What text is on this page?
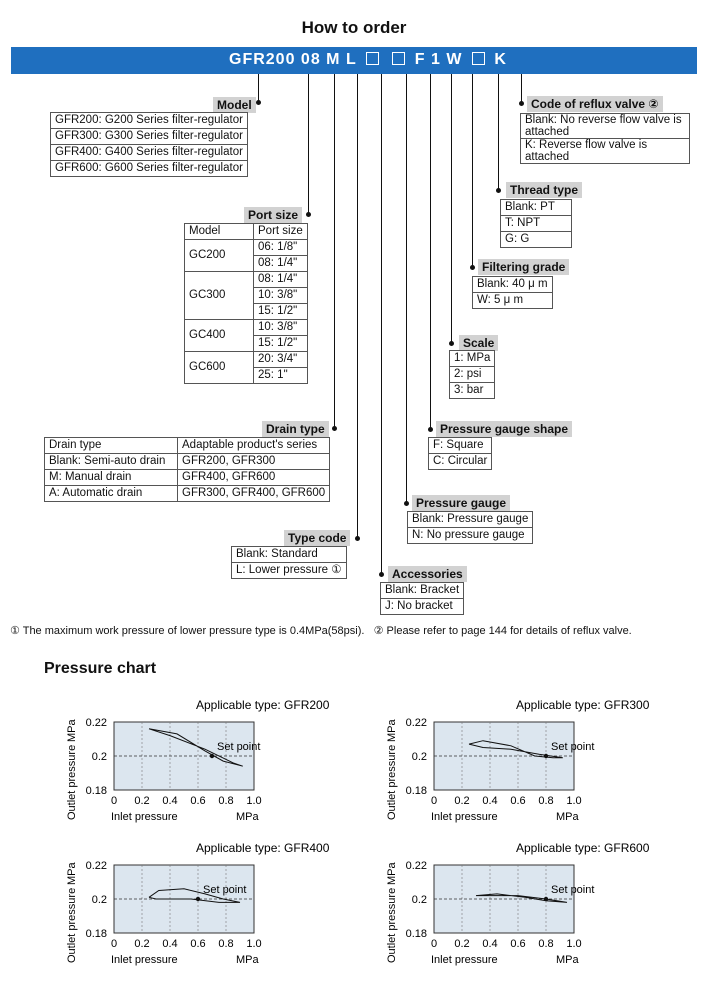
How to order
GFR200 08 M L	F 1 W K
Model
GFR200: G200 Series filter-regulator
GFR300: G300 Series filter-regulator
GFR400: G400 Series filter-regulator
GFR600: G600 Series filter-regulator
Port size
Model	Port size
GC200	06: 1/8"
	08: 1/4"
GC300	08: 1/4"
	10: 3/8"
	15: 1/2"
GC400	10: 3/8"
	15: 1/2"
GC600	20: 3/4"
	25: 1"
Drain type
Drain type	Adaptable product's series
Blank: Semi-auto drain	GFR200, GFR300
M: Manual drain	GFR400, GFR600
A: Automatic drain	GFR300, GFR400, GFR600
Type code
Blank: Standard
L: Lower pressure ①	Accessories
Blank: Bracket
J: No bracket
Pressure gauge
Blank: Pressure gauge
N: No pressure gauge
Pressure gauge shape
F: Square
C: Circular
Scale
1: MPa
2: psi
3: bar
Filtering grade
Blank: 40 μ m
W: 5 μ m
Thread type
Blank: PT
T: NPT
G: G
Code of reflux valve ②
Blank: No reverse flow valve is attached
K: Reverse flow valve is attached
① The maximum work pressure of lower pressure type is 0.4MPa(58psi). ② Please refer to page 144 for details of reflux valve.
Pressure chart
Applicable type: GFR200
0 0.2 0.4 0.6 0.8 1.0
0.22
0.2
0.18
Set point
Inlet pressure	MPa
Outlet pressure
MPa
Applicable type: GFR300
0 0.2 0.4 0.6 0.8 1.0
0.22
0.2
0.18
Set point
Inlet pressure	MPa
Outlet pressure
MPa
Applicable type: GFR400
0 0.2 0.4 0.6 0.8 1.0
0.22
0.2
0.18
Set point
Inlet pressure	MPa
Outlet pressure
MPa
Applicable type: GFR600
0 0.2 0.4 0.6 0.8 1.0
0.22
0.2
0.18
Set point
Inlet pressure	MPa
Outlet pressure
MPa
